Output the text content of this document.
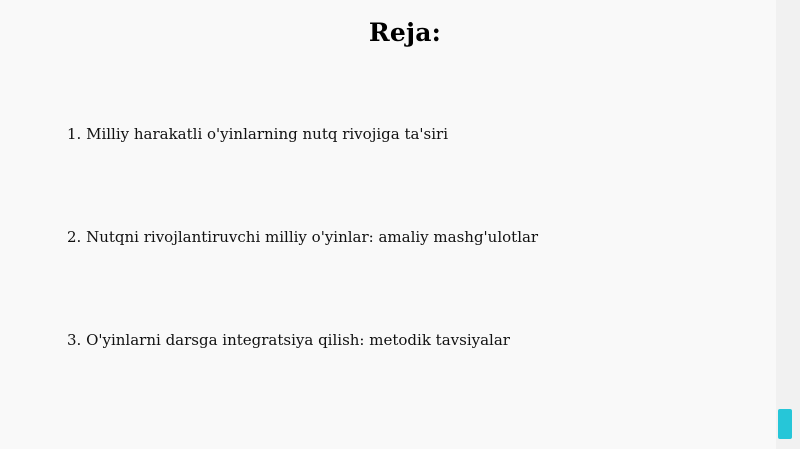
Reja:
1. Milliy harakatli o'yinlarning nutq rivojiga ta'siri
2. Nutqni rivojlantiruvchi milliy o'yinlar: amaliy mashg'ulotlar
3. O'yinlarni darsga integratsiya qilish: metodik tavsiyalar
